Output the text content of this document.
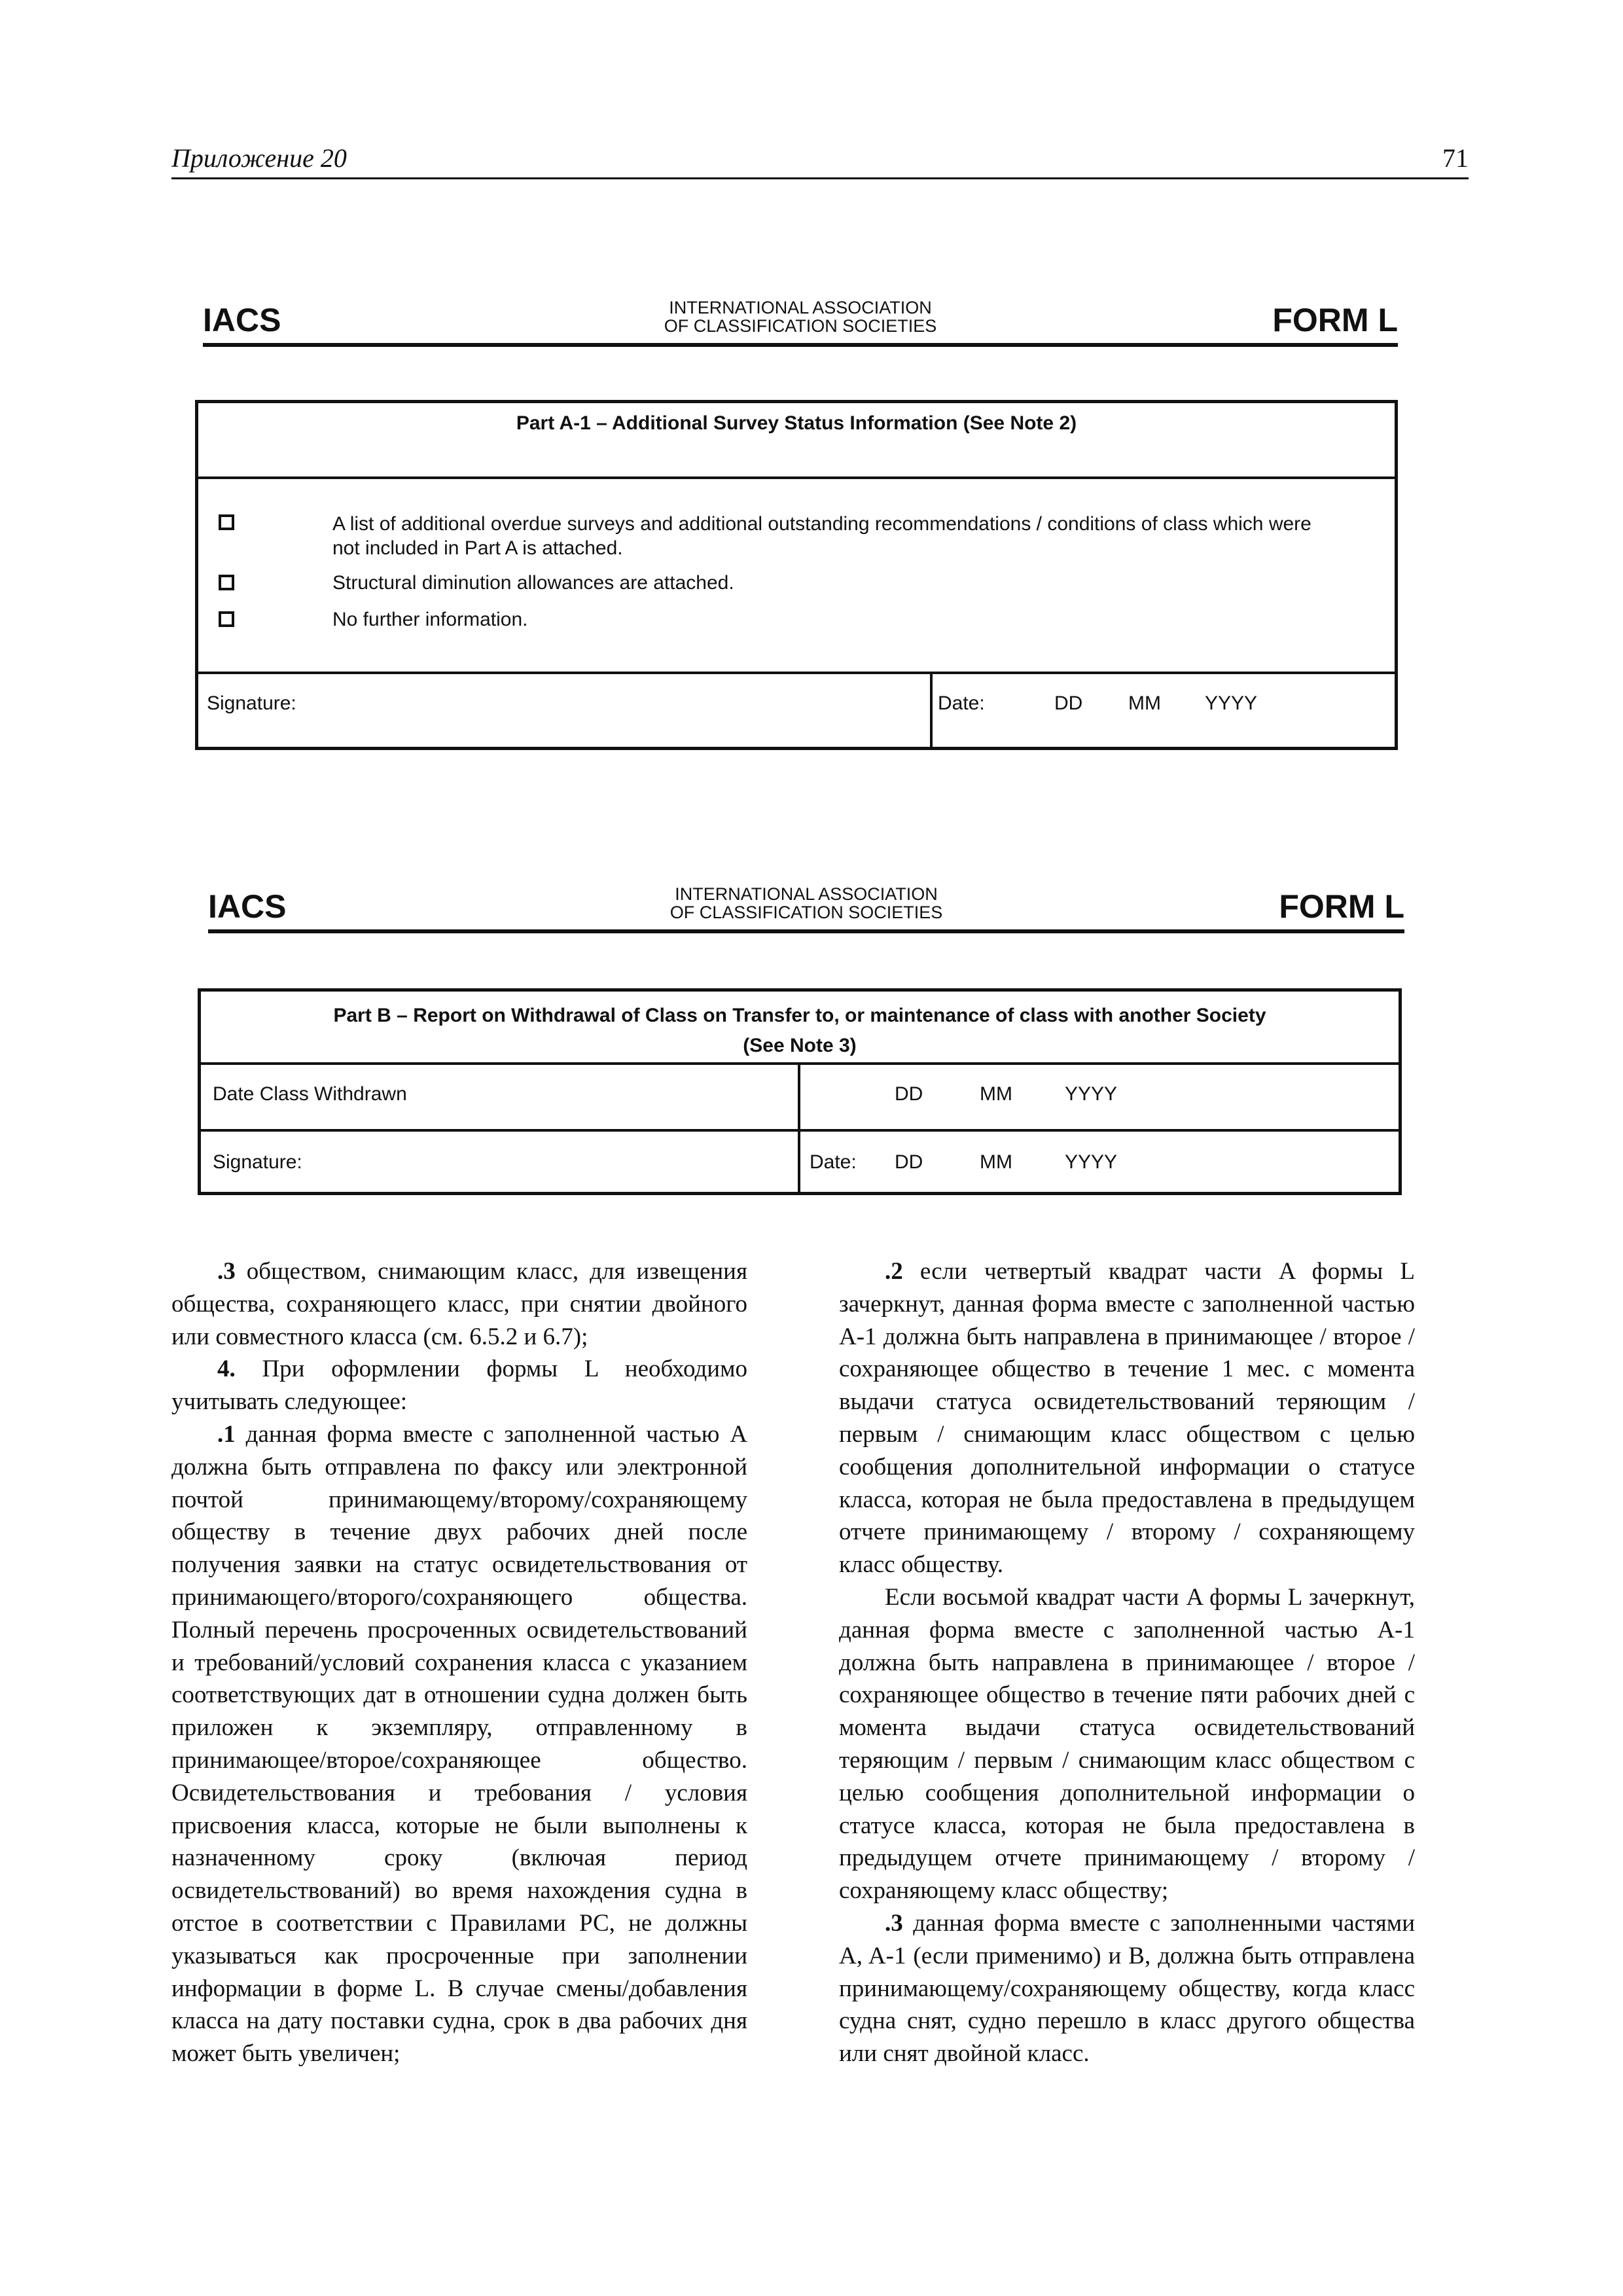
Приложение 20	71
IACS	INTERNATIONAL ASSOCIATION
OF CLASSIFICATION SOCIETIES	FORM L
Part A-1 – Additional Survey Status Information (See Note 2)
A list of additional overdue surveys and additional outstanding recommendations / conditions of class which were
not included in Part A is attached.
Structural diminution allowances are attached.
No further information.
Signature:	Date:	DD MM YYYY
IACS	INTERNATIONAL ASSOCIATION
OF CLASSIFICATION SOCIETIES	FORM L
Part B – Report on Withdrawal of Class on Transfer to, or maintenance of class with another Society
(See Note 3)
Date Class Withdrawn	DD	MM	YYYY
Signature:	Date: DD	MM	YYYY

.3 обществом, снимающим класс, для извещения общества, сохраняющего класс, при снятии двойного или совместного класса (см. 6.5.2 и 6.7);

4. При оформлении формы L необходимо учитывать следующее:

.1 данная форма вместе с заполненной частью A должна быть отправлена по факсу или электронной почтой принимающему/второму/сохраняющему обществу в течение двух рабочих дней после получения заявки на статус освидетельствования от принимающего/второго/сохраняющего общества. Полный перечень просроченных освидетельствований и требований/условий сохранения класса с указанием соответствующих дат в отношении судна должен быть приложен к экземпляру, отправленному в принимающее/второе/сохраняющее общество. Освидетельствования и требования / условия присвоения класса, которые не были выполнены к назначенному сроку (включая период освидетельствований) во время нахождения судна в отстое в соответствии с Правилами РС, не должны указываться как просроченные при заполнении информации в форме L. В случае смены/добавления класса на дату поставки судна, срок в два рабочих дня может быть увеличен;

.2 если четвертый квадрат части A формы L зачеркнут, данная форма вместе с заполненной частью A-1 должна быть направлена в принимающее / второе / сохраняющее общество в течение 1 мес. с момента выдачи статуса освидетельствований теряющим / первым / снимающим класс обществом с целью сообщения дополнительной информации о статусе класса, которая не была предоставлена в предыдущем отчете принимающему / второму / сохраняющему класс обществу.

Если восьмой квадрат части A формы L зачеркнут, данная форма вместе с заполненной частью A-1 должна быть направлена в принимающее / второе / сохраняющее общество в течение пяти рабочих дней с момента выдачи статуса освидетельствований теряющим / первым / снимающим класс обществом с целью сообщения дополнительной информации о статусе класса, которая не была предоставлена в предыдущем отчете принимающему / второму / сохраняющему класс обществу;

.3 данная форма вместе с заполненными частями A, A-1 (если применимо) и B, должна быть отправлена принимающему/сохраняющему обществу, когда класс судна снят, судно перешло в класс другого общества или снят двойной класс.
